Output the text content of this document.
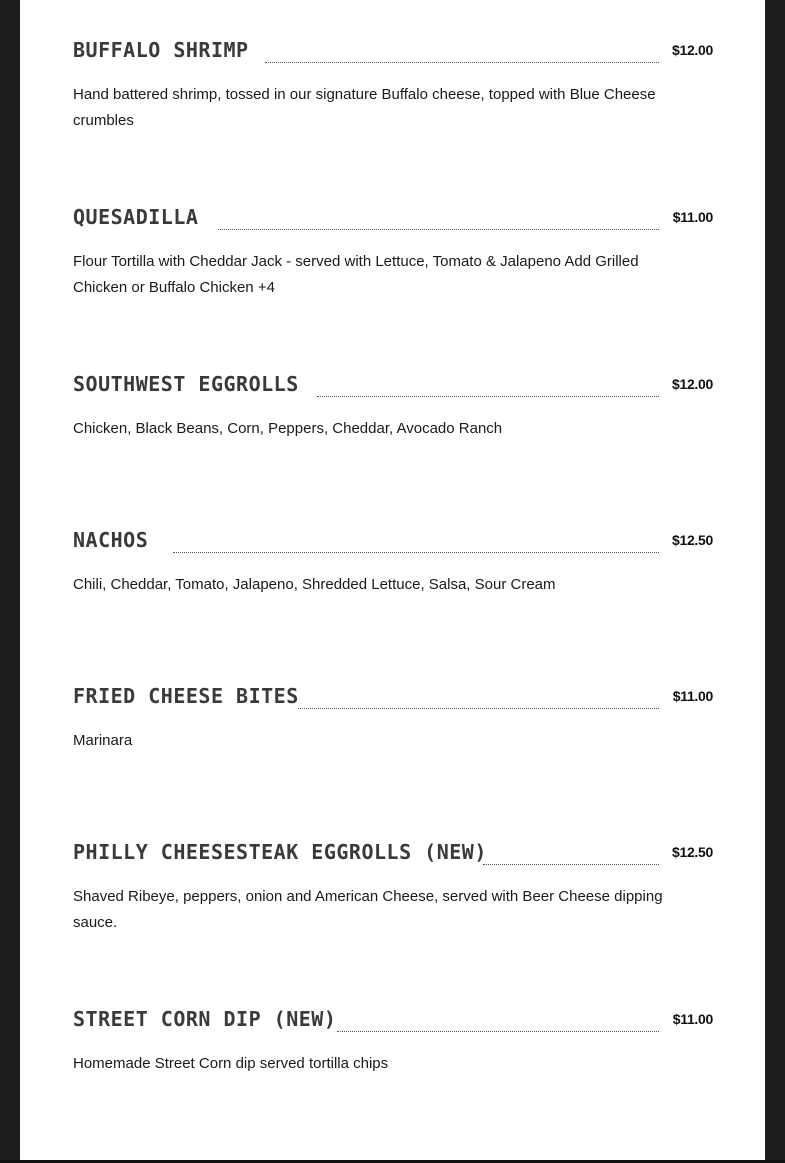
BUFFALO SHRIMP	$12.00
Hand battered shrimp, tossed in our signature Buffalo cheese, topped with Blue Cheese crumbles
QUESADILLA	$11.00
Flour Tortilla with Cheddar Jack - served with Lettuce, Tomato & Jalapeno Add Grilled Chicken or Buffalo Chicken +4
SOUTHWEST EGGROLLS	$12.00
Chicken, Black Beans, Corn, Peppers, Cheddar, Avocado Ranch
NACHOS	$12.50
Chili, Cheddar, Tomato, Jalapeno, Shredded Lettuce, Salsa, Sour Cream
FRIED CHEESE BITES	$11.00
Marinara
PHILLY CHEESESTEAK EGGROLLS (NEW)	$12.50
Shaved Ribeye, peppers, onion and American Cheese, served with Beer Cheese dipping sauce.
STREET CORN DIP (NEW)	$11.00
Homemade Street Corn dip served tortilla chips
